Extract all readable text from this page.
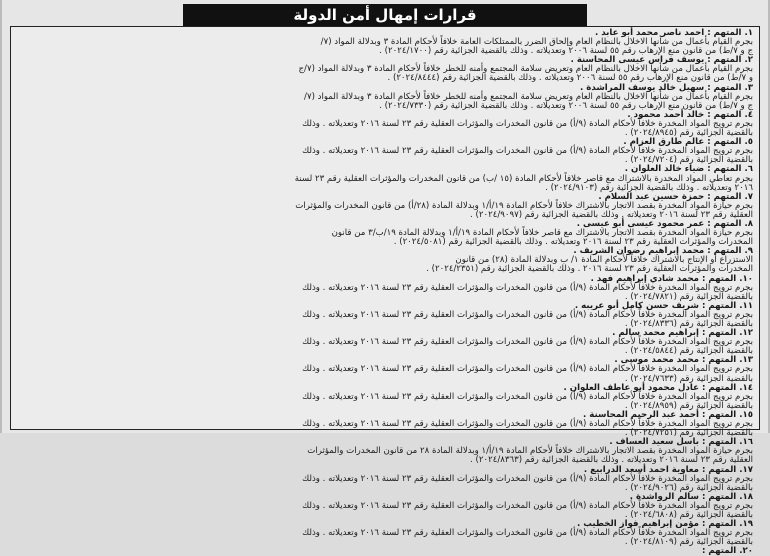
قرارات إمهال أمن الدولة
١. المتهم : احمد ناصر محمد أبو عابد .
بجرم القيام بأعمال من شأنها الاخلال بالنظام العام وإلحاق الضرر بالممتلكات العامة خلافاً لأحكام المادة ٣ وبدلالة المواد (٧/
ج و ٧/ط) من قانون منع الإرهاب رقم ٥٥ لسنة ٢٠٠٦ وتعديلاته . وذلك بالقضية الجزائية رقم (٢٠٢٤/١٧٠٠) .
٢. المتهم : يوسف فراس عيسى المحاسنة .
بجرم القيام بأعمال من شأنها الاخلال بالنظام العام وتعريض سلامة المجتمع وأمنه للخطر خلافاً لأحكام المادة ٣ وبدلالة المواد (٧/ج
و ٧/ط) من قانون منع الإرهاب رقم ٥٥ لسنة ٢٠٠٦ وتعديلاته . وذلك بالقضية الجزائية رقم (٢٠٢٤/٨٤٤٤) .
٣. المتهم : سهيل خالد يوسف المراشدة .
بجرم القيام بأعمال من شأنها الاخلال بالنظام العام وتعريض سلامة المجتمع وأمنه للخطر خلافاً لأحكام المادة ٣ وبدلالة المواد (٧/
ج و ٧/ط) من قانون منع الإرهاب رقم ٥٥ لسنة ٢٠٠٦ وتعديلاته . وذلك بالقضية الجزائية رقم (٢٠٢٤/٧٣٣٠) .
٤. المتهم : خالد أحمد محمود .
بجرم ترويج المواد المخدرة خلافاً لأحكام المادة (٩/أ) من قانون المخدرات والمؤثرات العقلية رقم ٢٣ لسنة ٢٠١٦ وتعديلاته . وذلك
بالقضية الجزائية رقم (٢٠٢٤/٨٩٤٥) .
٥. المتهم : عالم طارق العزام .
بجرم ترويج المواد المخدرة خلافاً لأحكام المادة (٩/أ) من قانون المخدرات والمؤثرات العقلية رقم ٢٣ لسنة ٢٠١٦ وتعديلاته . وذلك
بالقضية الجزائية رقم (٢٠٢٤/٧٢٠٤) .
٦. المتهم : ضياء خالد العلوان .
بجرم تعاطي المواد المخدرة بالاشتراك مع قاصر خلافاً لأحكام المادة (١٥ /ب) من قانون المخدرات والمؤثرات العقلية رقم ٢٣ لسنة
٢٠١٦ وتعديلاته . وذلك بالقضية الجزائية رقم (٢٠٢٤/٩١٠٣) .
٧. المتهم : حمزة حسين عبد السلام .
بجرم حيازة المواد المخدرة بقصد الاتجار بالاشتراك خلافاً لأحكام المادة ١٩/أ/١ وبدلالة المادة (٢٨/أ) من قانون المخدرات والمؤثرات
العقلية رقم ٢٣ لسنة ٢٠١٦ وتعديلاته . وذلك بالقضية الجزائية رقم (٢٠٢٤/٩٠٩٧) .
٨. المتهم : عمر محمود عيسى أبو عيسى .
بجرم حيازة المواد المخدرة بقصد الاتجار بالاشتراك مع قاصر خلافاً لأحكام المادة ١٩/أ/١ وبدلالة المادة ١٩/ب/٣ من قانون
المخدرات والمؤثرات العقلية رقم ٢٣ لسنة ٢٠١٦ وتعديلاته . وذلك بالقضية الجزائية رقم (٢٠٢٤/٥٠٨١) .
٩. المتهم : محمد إبراهيم رضوان الشريف .
الاستزراع أو الإنتاج بالاشتراك خلافاً لأحكام المادة ١/ ب وبدلالة المادة (٢٨) من قانون
المخدرات والمؤثرات العقلية رقم ٢٣ لسنة ٢٠١٦ . وذلك بالقضية الجزائية رقم (٢٠٢٤/٢٣٥١) .
١٠. المتهم : محمد شادي إبراهيم فهد .
بجرم ترويج المواد المخدرة خلافاً لأحكام المادة (٩/أ) من قانون المخدرات والمؤثرات العقلية رقم ٢٣ لسنة ٢٠١٦ وتعديلاته . وذلك
بالقضية الجزائية رقم (٢٠٢٤/٧٨٢١) .
١١. المتهم : شريف حسن كامل أبو عريبه .
بجرم ترويج المواد المخدرة خلافاً لأحكام المادة (٩/أ) من قانون المخدرات والمؤثرات العقلية رقم ٢٣ لسنة ٢٠١٦ وتعديلاته . وذلك
بالقضية الجزائية رقم (٢٠٢٤/٨٣٣٦) .
١٢. المتهم : إبراهيم محمد سالم .
بجرم ترويج المواد المخدرة خلافاً لأحكام المادة (٩/أ) من قانون المخدرات والمؤثرات العقلية رقم ٢٣ لسنة ٢٠١٦ وتعديلاته . وذلك
بالقضية الجزائية رقم (٢٠٢٤/٥٨٤٤) .
١٣. المتهم : محمد محمد موسى .
بجرم ترويج المواد المخدرة خلافاً لأحكام المادة (٩/أ) من قانون المخدرات والمؤثرات العقلية رقم ٢٣ لسنة ٢٠١٦ وتعديلاته . وذلك
بالقضية الجزائية رقم (٢٠٢٤/٧٦٣٣) .
١٤. المتهم : عادل محمود أبو عاطف العلوان .
بجرم ترويج المواد المخدرة خلافاً لأحكام المادة (٩/أ) من قانون المخدرات والمؤثرات العقلية رقم ٢٣ لسنة ٢٠١٦ وتعديلاته . وذلك
بالقضية الجزائية رقم (٢٠٢٤/٨٩٥٩) .
١٥. المتهم : أحمد عبد الرحيم المحاسنة .
بجرم ترويج المواد المخدرة خلافاً لأحكام المادة (٩/أ) من قانون المخدرات والمؤثرات العقلية رقم ٢٣ لسنة ٢٠١٦ وتعديلاته . وذلك
بالقضية الجزائية رقم (٢٠٢٤/٧٢٥١) .
١٦. المتهم : باسل سعيد العساف .
بجرم حيازة المواد المخدرة بقصد الاتجار بالاشتراك خلافاً لأحكام المادة ١٩/أ/١ وبدلالة المادة ٢٨ من قانون المخدرات والمؤثرات
العقلية رقم ٢٣ لسنة ٢٠١٦ وتعديلاته . وذلك بالقضية الجزائية رقم (٢٠٢٤/٨٣٦٣) .
١٧. المتهم : معاوية احمد أسعد الدرابيع .
بجرم ترويج المواد المخدرة خلافاً لأحكام المادة (٩/أ) من قانون المخدرات والمؤثرات العقلية رقم ٢٣ لسنة ٢٠١٦ وتعديلاته . وذلك
بالقضية الجزائية رقم (٢٠٢٤/٩٠٢٦) .
١٨. المتهم : سالم الرواشدة .
بجرم ترويج المواد المخدرة خلافاً لأحكام المادة (٩/أ) من قانون المخدرات والمؤثرات العقلية رقم ٢٣ لسنة ٢٠١٦ وتعديلاته . وذلك
بالقضية الجزائية رقم (٢٠٢٤/٦٨٠٨) .
١٩. المتهم : مؤمن إبراهيم فواز الخطيب .
بجرم ترويج المواد المخدرة خلافاً لأحكام المادة (٩/أ) من قانون المخدرات والمؤثرات العقلية رقم ٢٣ لسنة ٢٠١٦ وتعديلاته . وذلك
بالقضية الجزائية رقم (٢٠٢٤/٨١٠٩) .
٢٠. المتهم :
